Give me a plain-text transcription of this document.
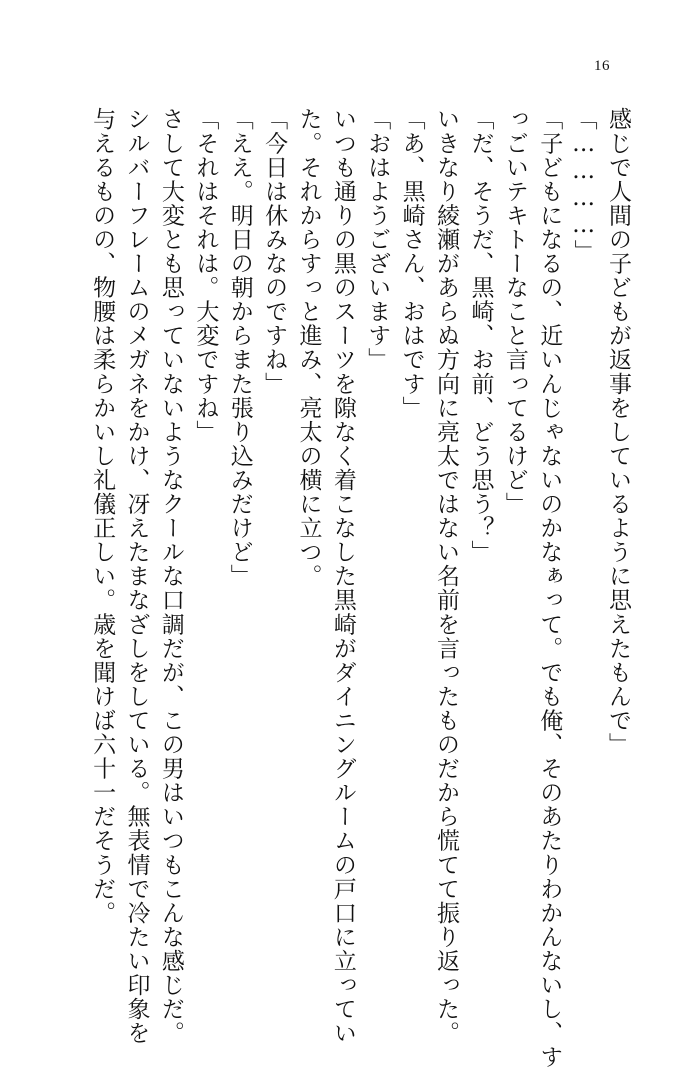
16
感じで人間の子どもが返事をしているように思えたもんで」
「…………」
「子どもになるの、近いんじゃないのかなぁって。でも俺、そのあたりわかんないし、す
っごいテキトーなこと言ってるけど」
「だ、そうだ、黒崎、お前、どう思う？」
いきなり綾瀬があらぬ方向に亮太ではない名前を言ったものだから慌てて振り返った。
「あ、黒崎さん、おはです」
「おはようございます」
いつも通りの黒のスーツを隙なく着こなした黒崎がダイニングルームの戸口に立ってい
た。それからすっと進み、亮太の横に立つ。
「今日は休みなのですね」
「ええ。明日の朝からまた張り込みだけど」
「それはそれは。大変ですね」
さして大変とも思っていないようなクールな口調だが、この男はいつもこんな感じだ。
シルバーフレームのメガネをかけ、冴えたまなざしをしている。無表情で冷たい印象を
与えるものの、物腰は柔らかいし礼儀正しい。歳を聞けば六十一だそうだ。
